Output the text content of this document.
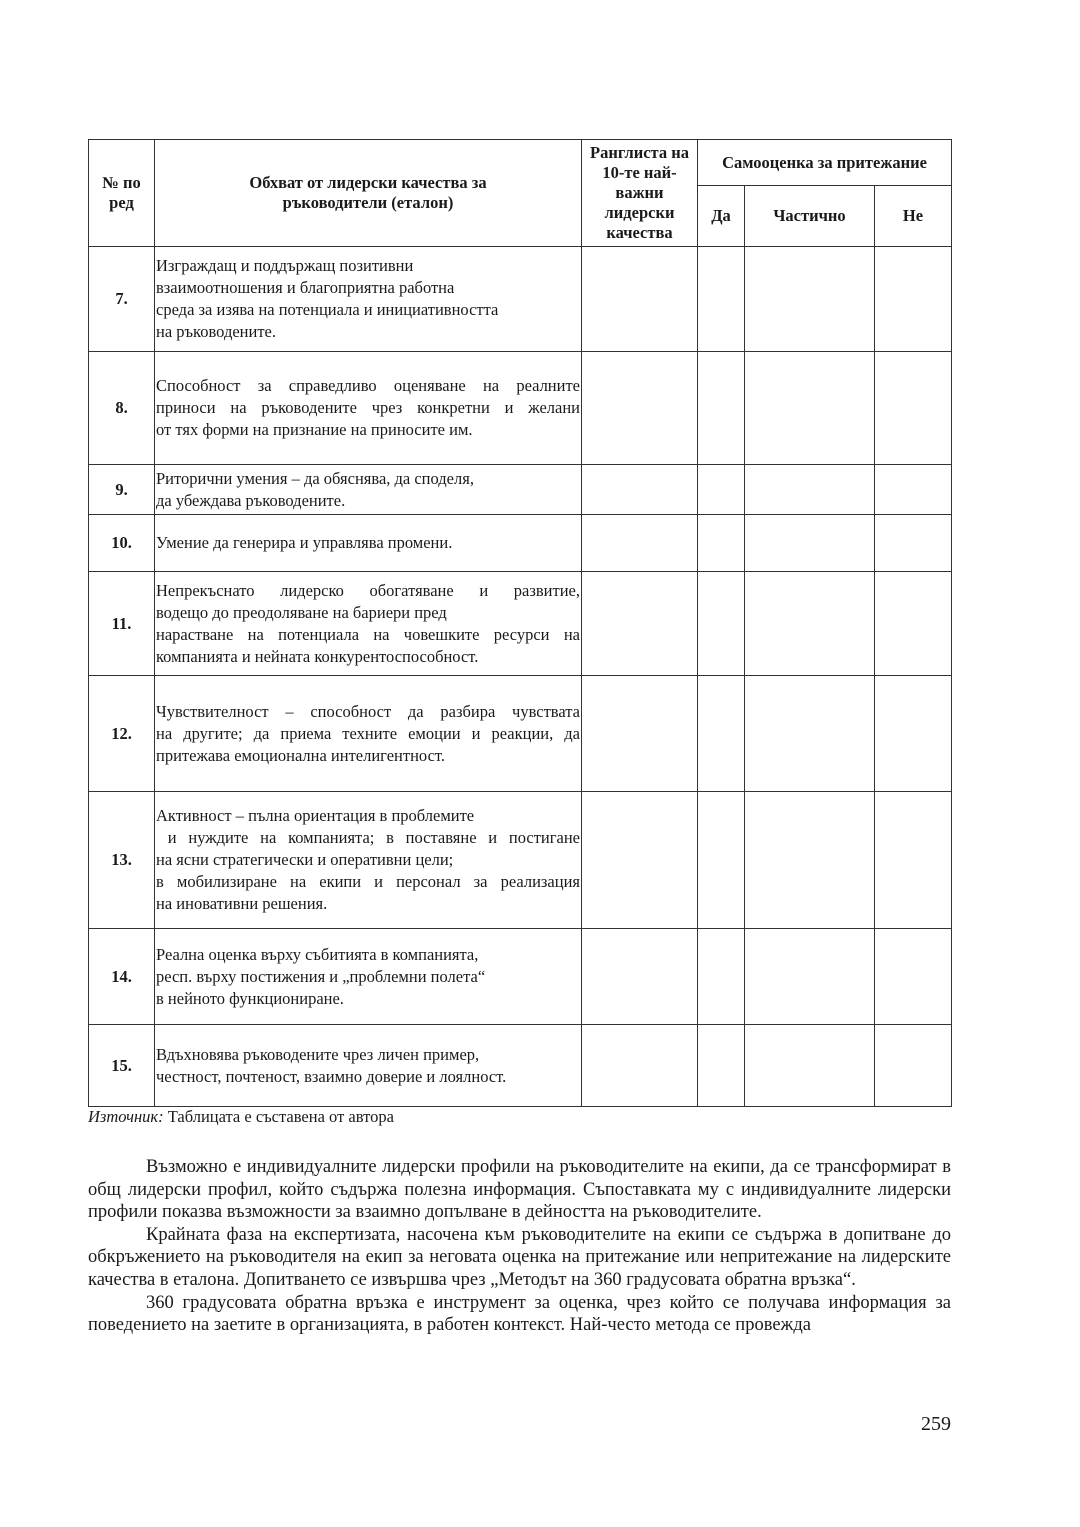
№ по ред	Обхват от лидерски качества за ръководители (еталон)	Ранглиста на 10-те най-важни лидерски качества	Самооценка за притежание		
			Да	Частично	Не
7.	Изграждащ и поддържащ позитивни
взаимоотношения и благоприятна работна
среда за изява на потенциала и инициативността
на ръководените.				

8.	Способност за справедливо оценяване на реалните
приноси на ръководените чрез конкретни и желани
от тях форми на признание на приносите им.				

9.	Риторични умения – да обяснява, да споделя,
да убеждава ръководените.				

10.	Умение да генерира и управлява промени.				

11.	Непрекъснато лидерско обогатяване и развитие,
водещо до преодоляване на бариери пред
нарастване на потенциала на човешките ресурси на
компанията и нейната конкурентоспособност.				

12.	Чувствителност – способност да разбира чувствата
на другите; да приема техните емоции и реакции, да
притежава емоционална интелигентност.				

13.	Активност – пълна ориентация в проблемите
и нуждите на компанията; в поставяне и постигане
на ясни стратегически и оперативни цели;
в мобилизиране на екипи и персонал за реализация
на иновативни решения.				

14.	Реална оценка върху събитията в компанията,
респ. върху постижения и „проблемни полета“
в нейното функциониране.				

15.	Вдъхновява ръководените чрез личен пример,
честност, почтеност, взаимно доверие и лоялност.				

Източник: Таблицата е съставена от автора

Възможно е индивидуалните лидерски профили на ръководителите на екипи, да се трансформират в общ лидерски профил, който съдържа полезна информация. Съпоставката му с индивидуалните лидерски профили показва възможности за взаимно допълване в дейността на ръководителите.

Крайната фаза на експертизата, насочена към ръководителите на екипи се съдържа в допитване до обкръжението на ръководителя на екип за неговата оценка на притежание или непритежание на лидерските качества в еталона. Допитването се извършва чрез „Методът на 360 градусовата обратна връзка“.

360 градусовата обратна връзка е инструмент за оценка, чрез който се получава информация за поведението на заетите в организацията, в работен контекст. Най-често метода се провежда

259
